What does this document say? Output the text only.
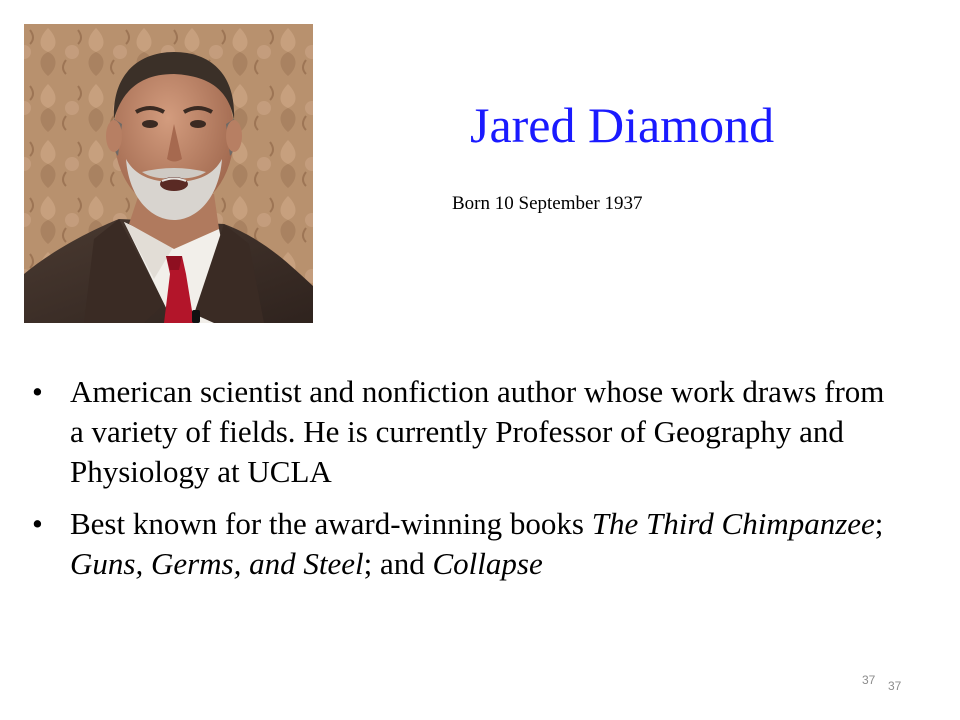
Jared Diamond
Born 10 September 1937
• American scientist and nonfiction author whose work draws from a variety of fields. He is currently Professor of Geography and Physiology at UCLA
• Best known for the award-winning books The Third Chimpanzee; Guns, Germs, and Steel; and Collapse
37 37
